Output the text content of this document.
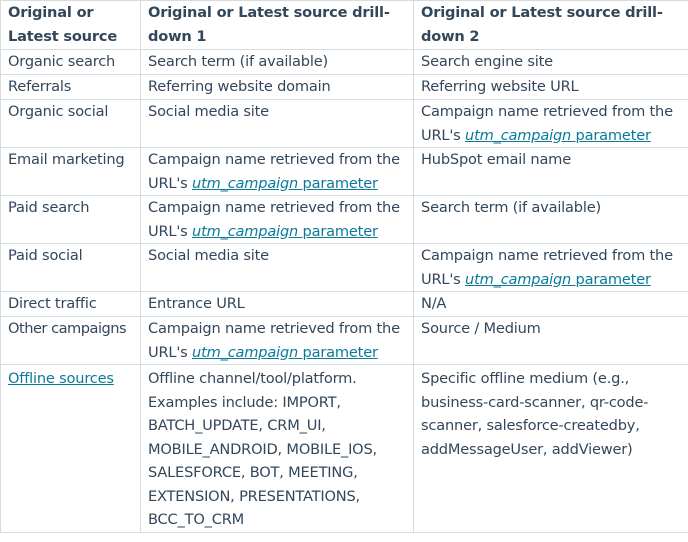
Original or Latest source	Original or Latest source drill-down 1	Original or Latest source drill-down 2
Organic search	Search term (if available)	Search engine site
Referrals	Referring website domain	Referring website URL
Organic social	Social media site	Campaign name retrieved from the URL's utm_campaign parameter
Email marketing	Campaign name retrieved from the URL's utm_campaign parameter	HubSpot email name
Paid search	Campaign name retrieved from the URL's utm_campaign parameter	Search term (if available)
Paid social	Social media site	Campaign name retrieved from the URL's utm_campaign parameter
Direct traffic	Entrance URL	N/A
Other campaigns	Campaign name retrieved from the URL's utm_campaign parameter	Source / Medium
Offline sources	Offline channel/tool/platform. Examples include: IMPORT, BATCH_UPDATE, CRM_UI, MOBILE_ANDROID, MOBILE_IOS, SALESFORCE, BOT, MEETING, EXTENSION, PRESENTATIONS, BCC_TO_CRM	Specific offline medium (e.g., business-card-scanner, qr-code-scanner, salesforce-createdby, addMessageUser, addViewer)
